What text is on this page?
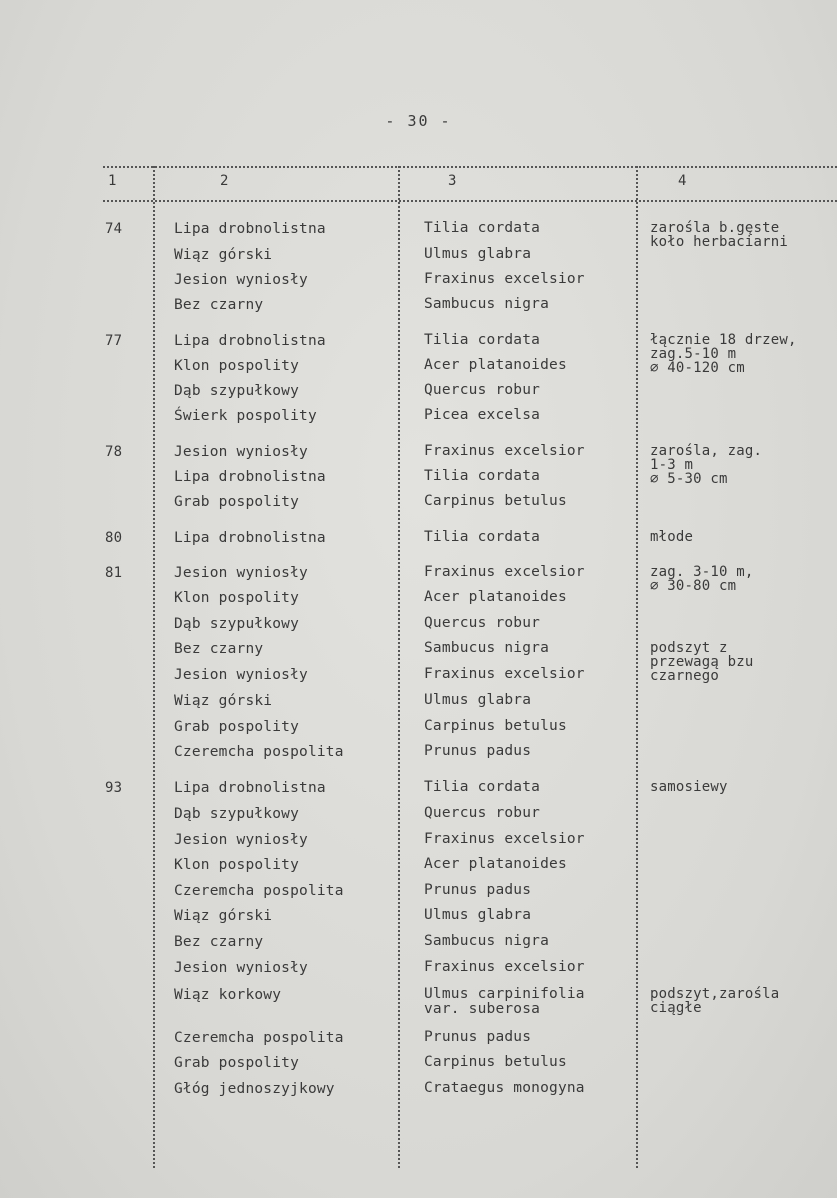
- 30 -
1	2	3	4
74	Lipa drobnolistna	Tilia cordata	zarośla b.gęste
koło herbaciarni
Wiąz górski	Ulmus glabra
Jesion wyniosły	Fraxinus excelsior
Bez czarny	Sambucus nigra
77	Lipa drobnolistna	Tilia cordata	łącznie 18 drzew,
zag.5-10 m
∅ 40-120 cm
Klon pospolity	Acer platanoides
Dąb szypułkowy	Quercus robur
Świerk pospolity	Picea excelsa
78	Jesion wyniosły	Fraxinus excelsior	zarośla, zag.
1-3 m
∅ 5-30 cm
Lipa drobnolistna	Tilia cordata
Grab pospolity	Carpinus betulus
80	Lipa drobnolistna	Tilia cordata	młode
81	Jesion wyniosły	Fraxinus excelsior	zag. 3-10 m,
∅ 30-80 cm
Klon pospolity	Acer platanoides
Dąb szypułkowy	Quercus robur
Bez czarny	Sambucus nigra	podszyt z
przewagą bzu
czarnego
Jesion wyniosły	Fraxinus excelsior
Wiąz górski	Ulmus glabra
Grab pospolity	Carpinus betulus
Czeremcha pospolita	Prunus padus
93	Lipa drobnolistna	Tilia cordata	samosiewy
Dąb szypułkowy	Quercus robur
Jesion wyniosły	Fraxinus excelsior
Klon pospolity	Acer platanoides
Czeremcha pospolita	Prunus padus
Wiąz górski	Ulmus glabra
Bez czarny	Sambucus nigra
Jesion wyniosły	Fraxinus excelsior
Wiąz korkowy	Ulmus carpinifolia
var. suberosa
podszyt,zarośla
ciągłe
Czeremcha pospolita	Prunus padus
Grab pospolity	Carpinus betulus
Głóg jednoszyjkowy	Crataegus monogyna
